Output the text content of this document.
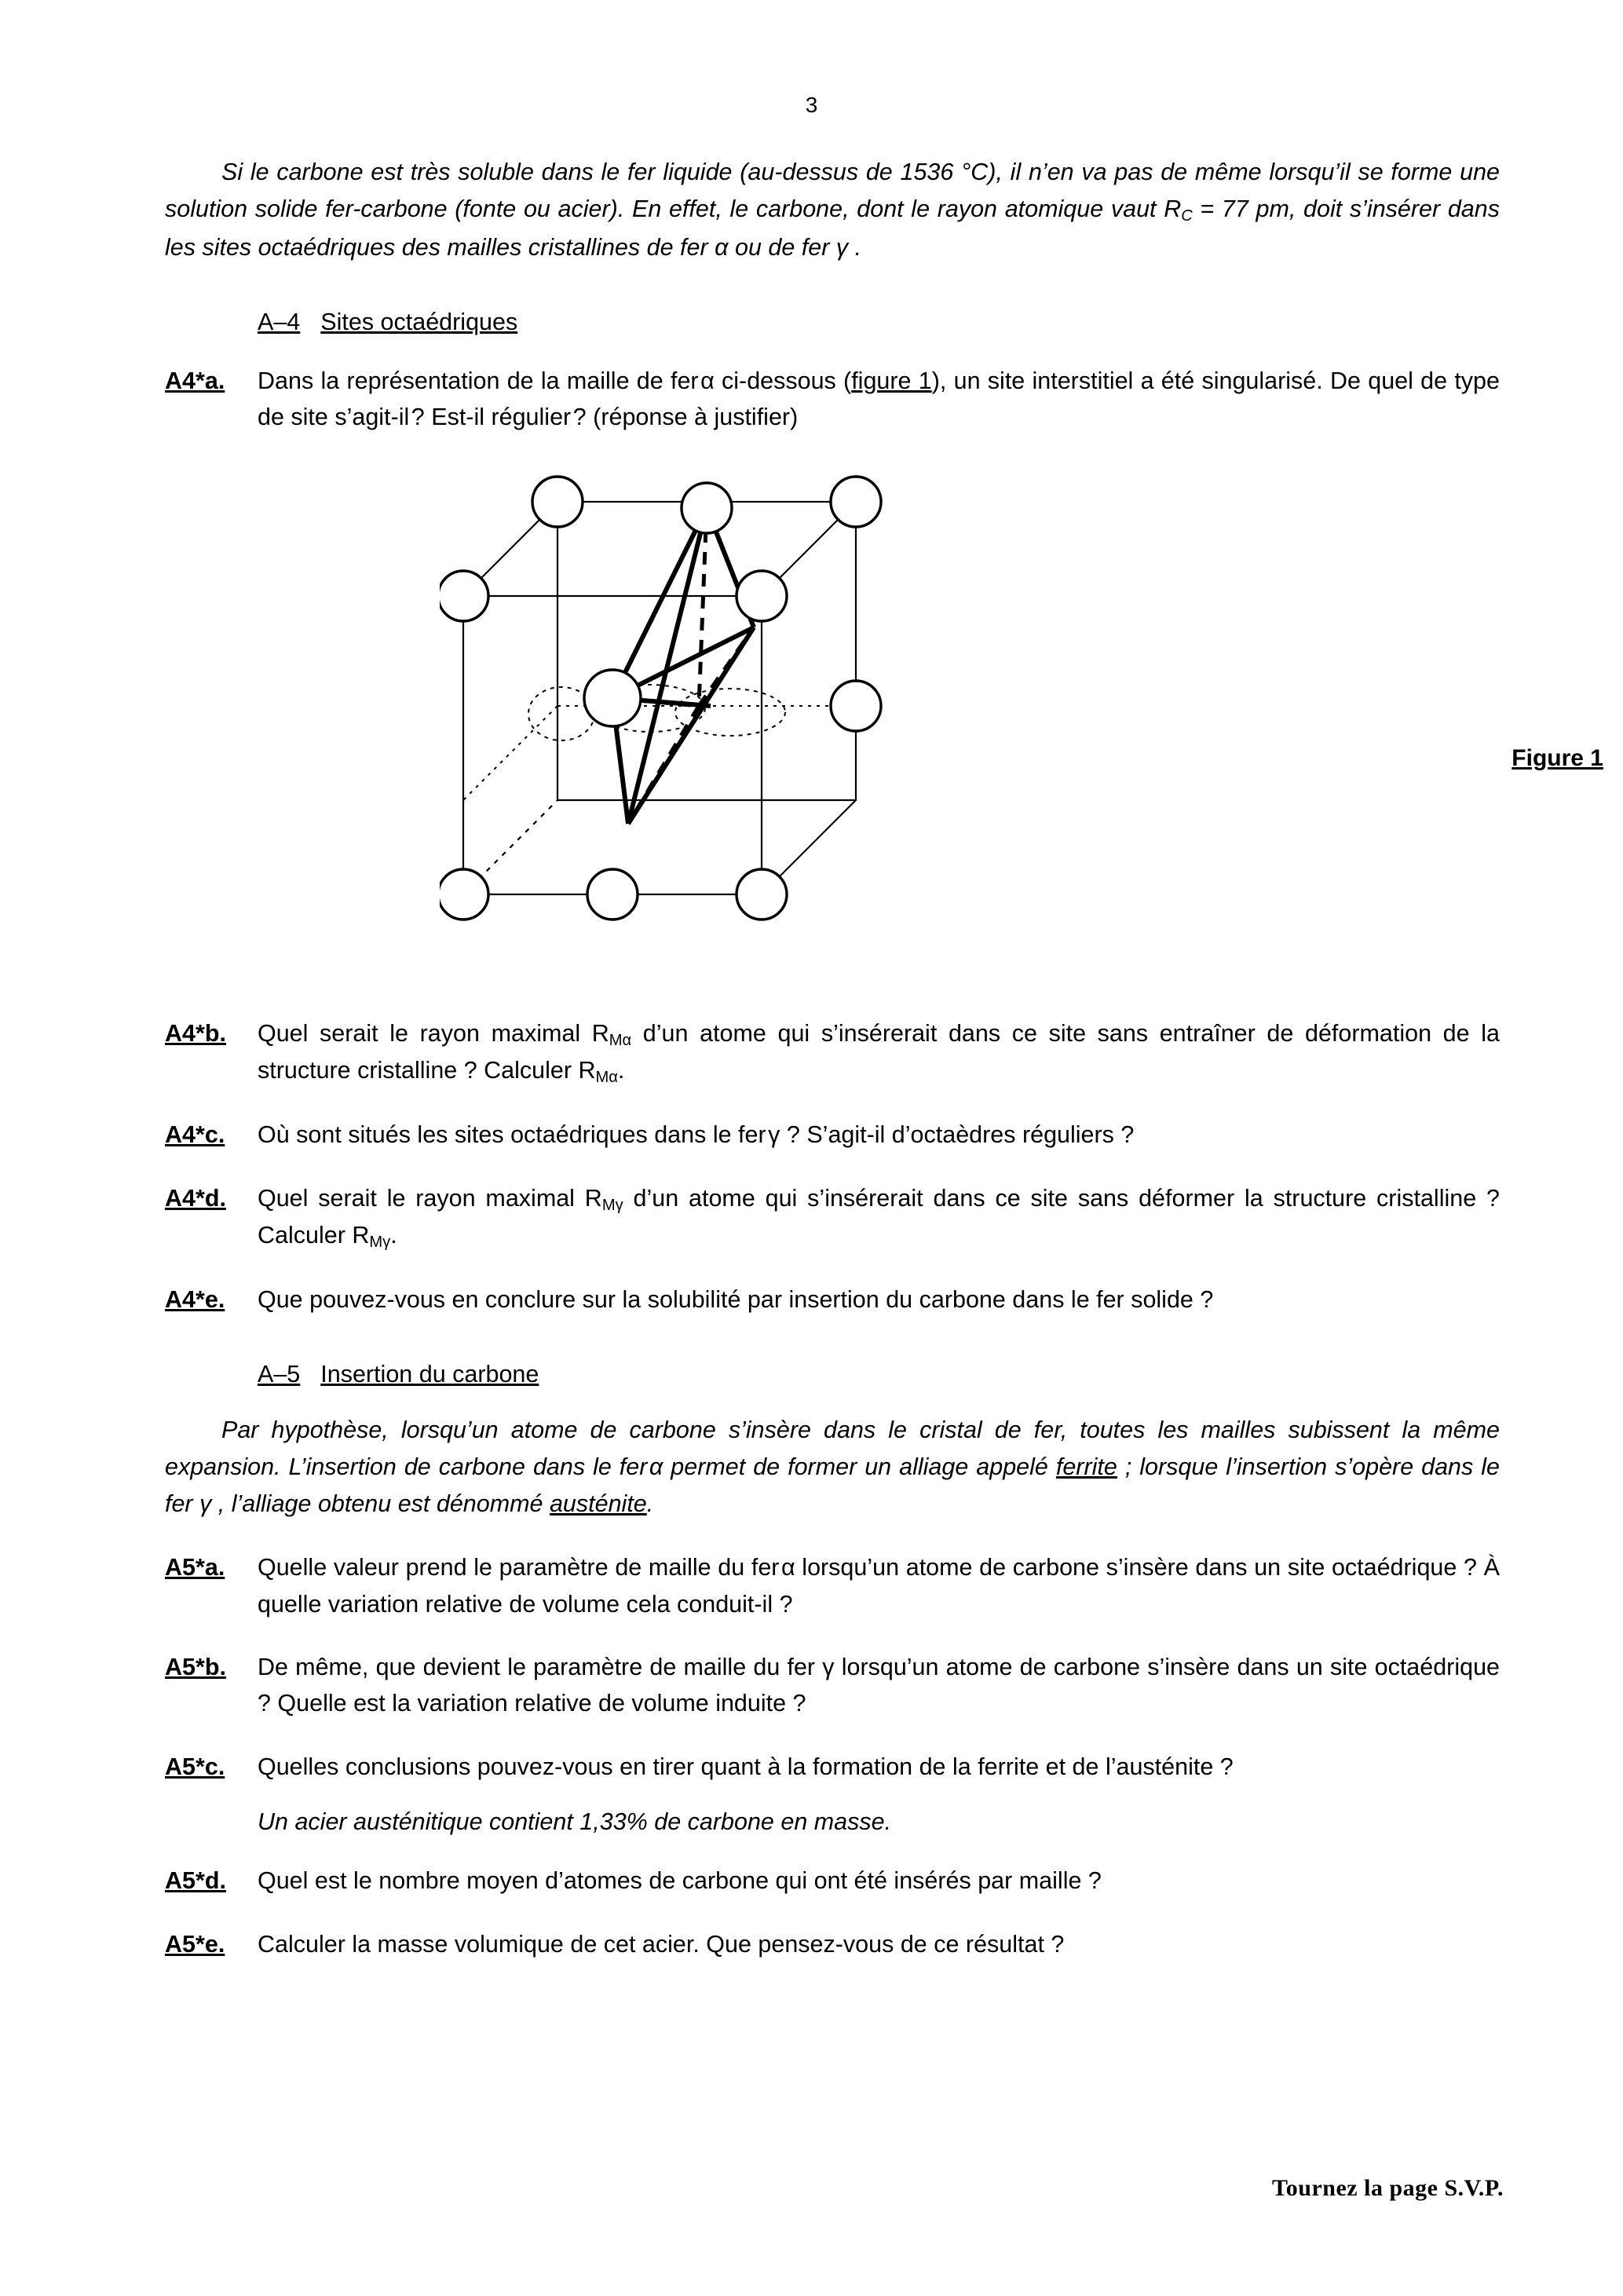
3

Si le carbone est très soluble dans le fer liquide (au-dessus de 1536 °C), il n’en va pas de même lorsqu’il se forme une solution solide fer-carbone (fonte ou acier). En effet, le carbone, dont le rayon atomique vaut $R_C = 77$ pm, doit s’insérer dans les sites octaédriques des mailles cristallines de fer α ou de fer γ .

A–4 Sites octaédriques
A4*a.	Dans la représentation de la maille de fer α ci-dessous (figure 1), un site interstitiel a été singularisé. De quel de type de site s’agit-il ? Est-il régulier ? (réponse à justifier)
Figure 1
A4*b.	Quel serait le rayon maximal $R_{M\alpha}$ d’un atome qui s’insérerait dans ce site sans entraîner de déformation de la structure cristalline ? Calculer $R_{M\alpha}$.
A4*c.	Où sont situés les sites octaédriques dans le fer γ ? S’agit-il d’octaèdres réguliers ?
A4*d.	Quel serait le rayon maximal $R_{M\gamma}$ d’un atome qui s’insérerait dans ce site sans déformer la structure cristalline ? Calculer $R_{M\gamma}$.
A4*e.	Que pouvez-vous en conclure sur la solubilité par insertion du carbone dans le fer solide ?
A–5 Insertion du carbone

Par hypothèse, lorsqu’un atome de carbone s’insère dans le cristal de fer, toutes les mailles subissent la même expansion. L’insertion de carbone dans le fer α permet de former un alliage appelé ferrite ; lorsque l’insertion s’opère dans le fer γ , l’alliage obtenu est dénommé austénite.

A5*a.	Quelle valeur prend le paramètre de maille du fer α lorsqu’un atome de carbone s’insère dans un site octaédrique ? À quelle variation relative de volume cela conduit-il ?
A5*b.	De même, que devient le paramètre de maille du fer γ lorsqu’un atome de carbone s’insère dans un site octaédrique ? Quelle est la variation relative de volume induite ?
A5*c.	Quelles conclusions pouvez-vous en tirer quant à la formation de la ferrite et de l’austénite ?

Un acier austénitique contient 1,33% de carbone en masse.

A5*d.	Quel est le nombre moyen d’atomes de carbone qui ont été insérés par maille ?
A5*e.	Calculer la masse volumique de cet acier. Que pensez-vous de ce résultat ?
Tournez la page S.V.P.
